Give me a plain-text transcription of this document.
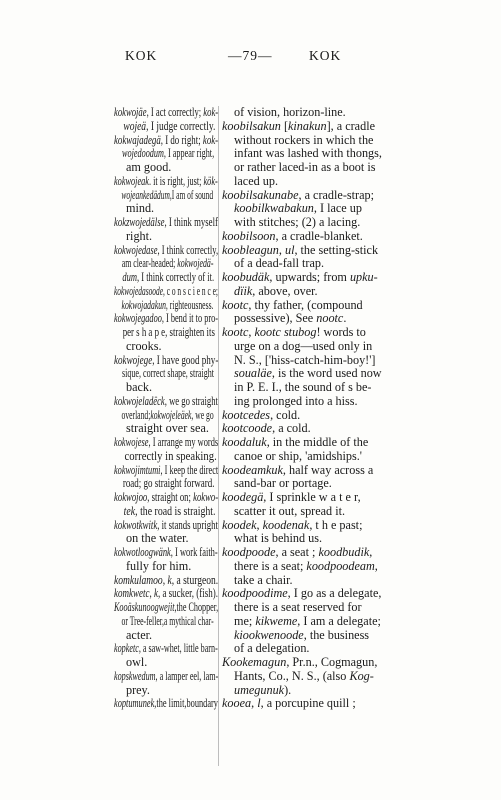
KOK	—79—	KOK
kokwojäe, I act correctly; kok-
wojeä, I judge correctly.
kokwajadegä, I do right; kok-
wojedoodum, I appear right,
am good.
kokwojeak. it is right, just; kök-
wojeankedädum,I am of sound
mind.
kokzwojedälse, I think myself
right.
kokwojedase, I think correctly,
am clear-headed; kokwojedä-
dum, I think correctly of it.
kokwojedasoode, c o n s c i e n c e;
kokwojadakun, righteousness.
kokwojegadoo, I bend it to pro-
per s h a p e, straighten its
crooks.
kokwojege, I have good phy-
sique, correct shape, straight
back.
kokwojeladëck, we go straight
overland;kokwojeleäek, we go
straight over sea.
kokwojese, I arrange my words
correctly in speaking.
kokwojimtumi, I keep the direct
road; go straight forward.
kokwojoo, straight on; kokwo-
tek, the road is straight.
kokwotkwitk, it stands upright
on the water.
kokwotloogwänk, I work faith-
fully for him.
komkulamoo, k, a sturgeon.
komkwetc, k, a sucker, (fish).
Kooäskunoogwejit,the Chopper,
or Tree-feller,a mythical char-
acter.
kopketc, a saw-whet, little barn-
owl.
kopskwedum, a lamper eel, lam-
prey.
koptumunek,the limit,boundary
of vision, horizon-line.
koobilsakun [kinakun], a cradle
without rockers in which the
infant was lashed with thongs,
or rather laced-in as a boot is
laced up.
koobilsakunabe, a cradle-strap;
koobilkwabakun, I lace up
with stitches; (2) a lacing.
koobilsoon, a cradle-blanket.
koobleagun, ul, the setting-stick
of a dead-fall trap.
koobudäk, upwards; from upku-
dïik, above, over.
kootc, thy father, (compound
possessive), See nootc.
kootc, kootc stubog! words to
urge on a dog—used only in
N. S., ['hiss-catch-him-boy!']
soualäe, is the word used now
in P. E. I., the sound of s be-
ing prolonged into a hiss.
kootcedes, cold.
kootcoode, a cold.
koodaluk, in the middle of the
canoe or ship, 'amidships.'
koodeamkuk, half way across a
sand-bar or portage.
koodegä, I sprinkle w a t e r,
scatter it out, spread it.
koodek, koodenak, t h e past;
what is behind us.
koodpoode, a seat ; koodbudik,
there is a seat; koodpoodeam,
take a chair.
koodpoodime, I go as a delegate,
there is a seat reserved for
me; kikweme, I am a delegate;
kiookwenoode, the business
of a delegation.
Kookemagun, Pr.n., Cogmagun,
Hants, Co., N. S., (also Kog-
umegunuk).
kooea, l, a porcupine quill ;
